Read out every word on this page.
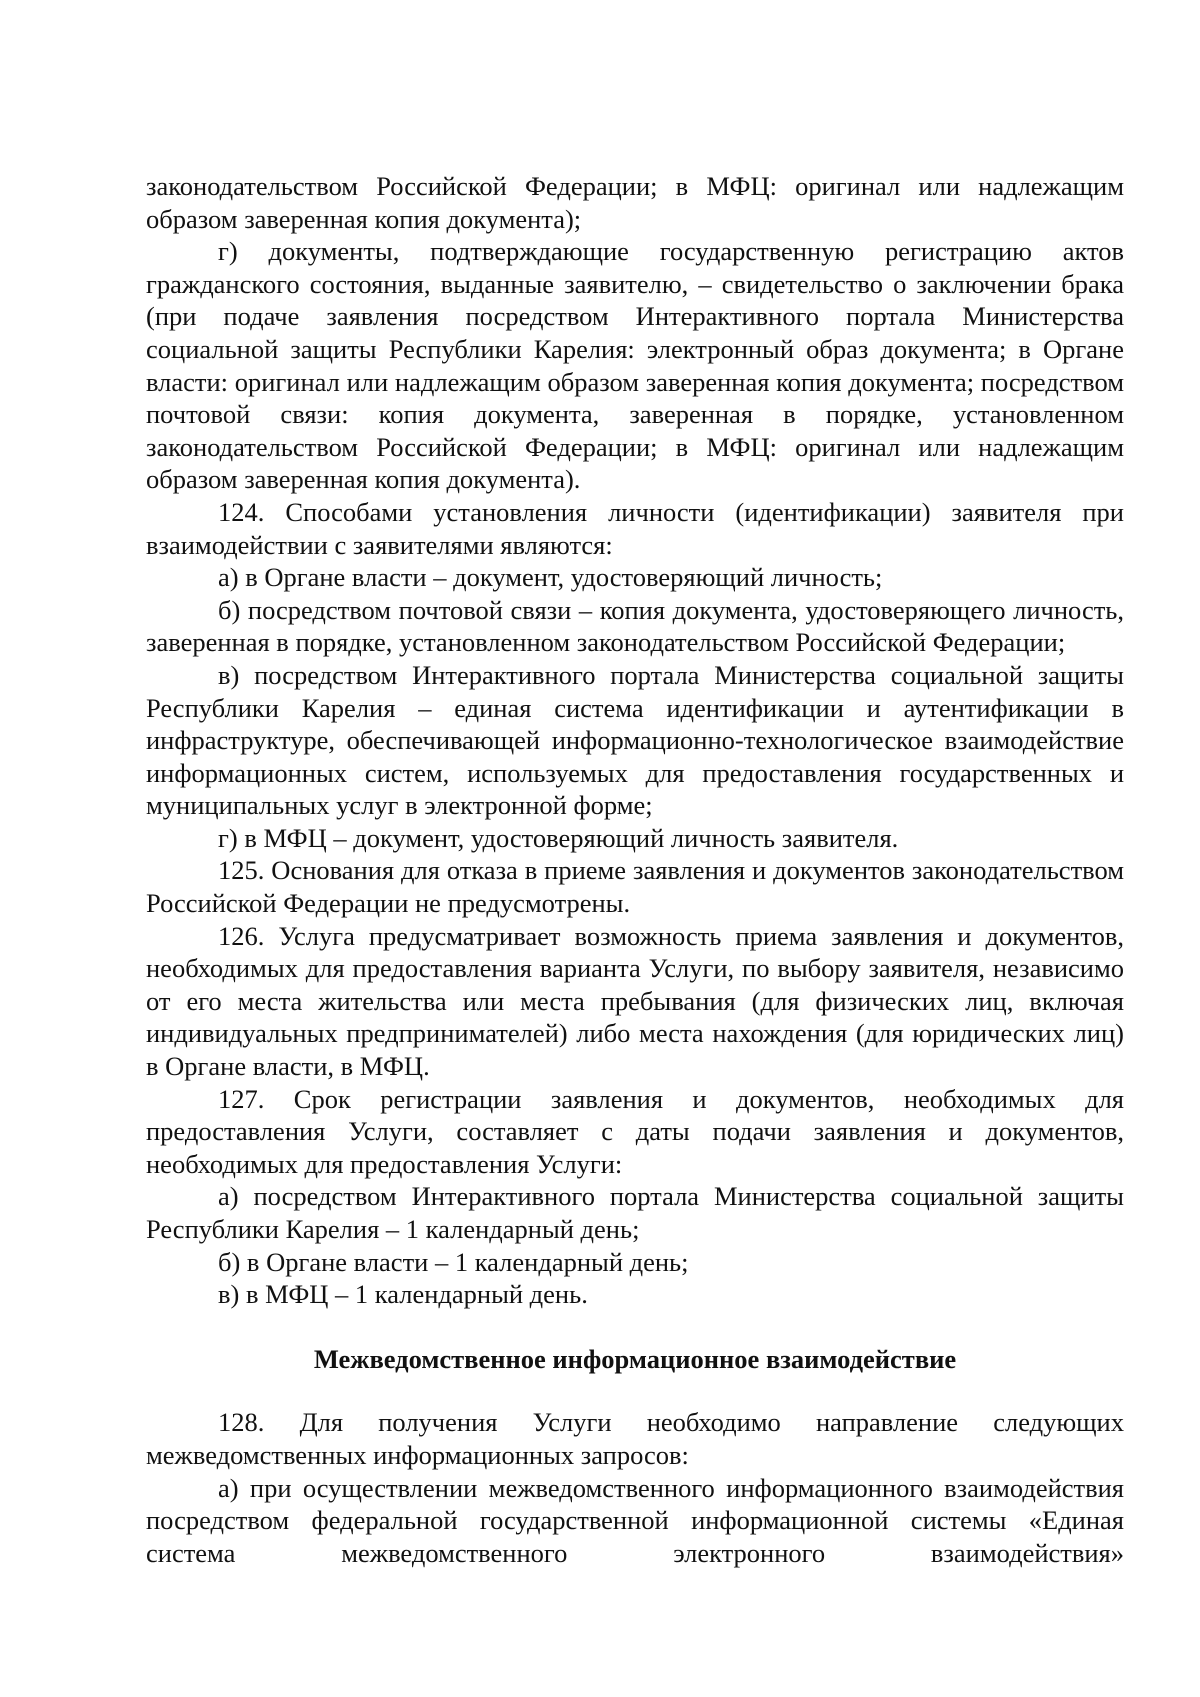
законодательством Российской Федерации; в МФЦ: оригинал или надлежащим образом заверенная копия документа);

г) документы, подтверждающие государственную регистрацию актов гражданского состояния, выданные заявителю, – свидетельство о заключении брака (при подаче заявления посредством Интерактивного портала Министерства социальной защиты Республики Карелия: электронный образ документа; в Органе власти: оригинал или надлежащим образом заверенная копия документа; посредством почтовой связи: копия документа, заверенная в порядке, установленном законодательством Российской Федерации; в МФЦ: оригинал или надлежащим образом заверенная копия документа).

124. Способами установления личности (идентификации) заявителя при взаимодействии с заявителями являются:

а) в Органе власти – документ, удостоверяющий личность;

б) посредством почтовой связи – копия документа, удостоверяющего личность, заверенная в порядке, установленном законодательством Российской Федерации;

в) посредством Интерактивного портала Министерства социальной защиты Республики Карелия – единая система идентификации и аутентификации в инфраструктуре, обеспечивающей информационно-технологическое взаимодействие информационных систем, используемых для предоставления государственных и муниципальных услуг в электронной форме;

г) в МФЦ – документ, удостоверяющий личность заявителя.

125. Основания для отказа в приеме заявления и документов законодательством Российской Федерации не предусмотрены.

126. Услуга предусматривает возможность приема заявления и документов, необходимых для предоставления варианта Услуги, по выбору заявителя, независимо от его места жительства или места пребывания (для физических лиц, включая индивидуальных предпринимателей) либо места нахождения (для юридических лиц) в Органе власти, в МФЦ.

127. Срок регистрации заявления и документов, необходимых для предоставления Услуги, составляет с даты подачи заявления и документов, необходимых для предоставления Услуги:

а) посредством Интерактивного портала Министерства социальной защиты Республики Карелия – 1 календарный день;

б) в Органе власти – 1 календарный день;

в) в МФЦ – 1 календарный день.

Межведомственное информационное взаимодействие

128. Для получения Услуги необходимо направление следующих межведомственных информационных запросов:

а) при осуществлении межведомственного информационного взаимодействия посредством федеральной государственной информационной системы «Единая система межведомственного электронного взаимодействия»
